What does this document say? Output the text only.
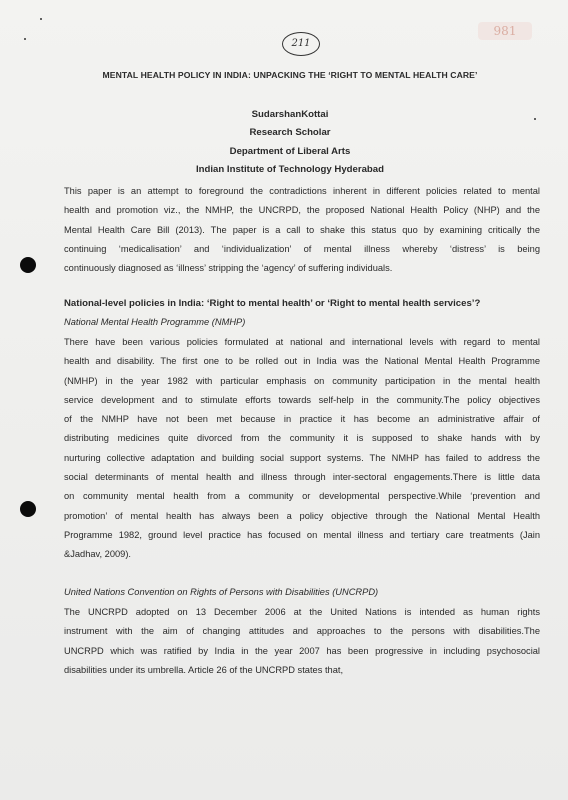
211
981
MENTAL HEALTH POLICY IN INDIA: UNPACKING THE ‘RIGHT TO MENTAL HEALTH CARE’
SudarshanKottai
Research Scholar
Department of Liberal Arts
Indian Institute of Technology Hyderabad
This paper is an attempt to foreground the contradictions inherent in different policies related to mental
health and promotion viz., the NMHP, the UNCRPD, the proposed National Health Policy (NHP) and the
Mental Health Care Bill (2013). The paper is a call to shake this status quo by examining critically the
continuing ‘medicalisation’ and ‘individualization’ of mental illness whereby ‘distress’ is being
continuously diagnosed as ‘illness’ stripping the ‘agency’ of suffering individuals.
National-level policies in India: ‘Right to mental health’ or ‘Right to mental health services’?
National Mental Health Programme (NMHP)
There have been various policies formulated at national and international levels with regard to mental
health and disability. The first one to be rolled out in India was the National Mental Health Programme
(NMHP) in the year 1982 with particular emphasis on community participation in the mental health
service development and to stimulate efforts towards self-help in the community.The policy objectives
of the NMHP have not been met because in practice it has become an administrative affair of
distributing medicines quite divorced from the community it is supposed to shake hands with by
nurturing collective adaptation and building social support systems. The NMHP has failed to address the
social determinants of mental health and illness through inter-sectoral engagements.There is little data
on community mental health from a community or developmental perspective.While ‘prevention and
promotion’ of mental health has always been a policy objective through the National Mental Health
Programme 1982, ground level practice has focused on mental illness and tertiary care treatments (Jain
&Jadhav, 2009).
United Nations Convention on Rights of Persons with Disabilities (UNCRPD)
The UNCRPD adopted on 13 December 2006 at the United Nations is intended as human rights
instrument with the aim of changing attitudes and approaches to the persons with disabilities.The
UNCRPD which was ratified by India in the year 2007 has been progressive in including psychosocial
disabilities under its umbrella. Article 26 of the UNCRPD states that,
